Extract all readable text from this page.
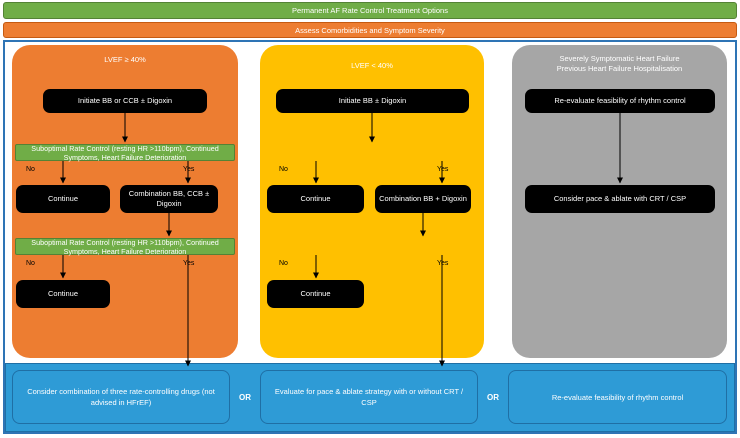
Permanent AF Rate Control Treatment Options
Assess Comorbidities and Symptom Severity
LVEF ≥ 40%
Initiate BB or CCB ± Digoxin
Suboptimal Rate Control (resting HR >110bpm), Continued Symptoms, Heart Failure Deterioration
No	Yes
Continue
Combination BB, CCB ± Digoxin
Suboptimal Rate Control (resting HR >110bpm), Continued Symptoms, Heart Failure Deterioration
No	Yes
Continue
LVEF < 40%
Initiate BB ± Digoxin
No	Yes
Continue	Combination BB + Digoxin
No	Yes
Continue
Severely Symptomatic Heart Failure
Previous Heart Failure Hospitalisation
Re-evaluate feasibility of rhythm control
Consider pace & ablate with CRT / CSP
Consider combination of three rate-controlling drugs (not advised in HFrEF)
OR
Evaluate for pace & ablate strategy with or without CRT / CSP
OR	Re-evaluate feasibility of rhythm control
